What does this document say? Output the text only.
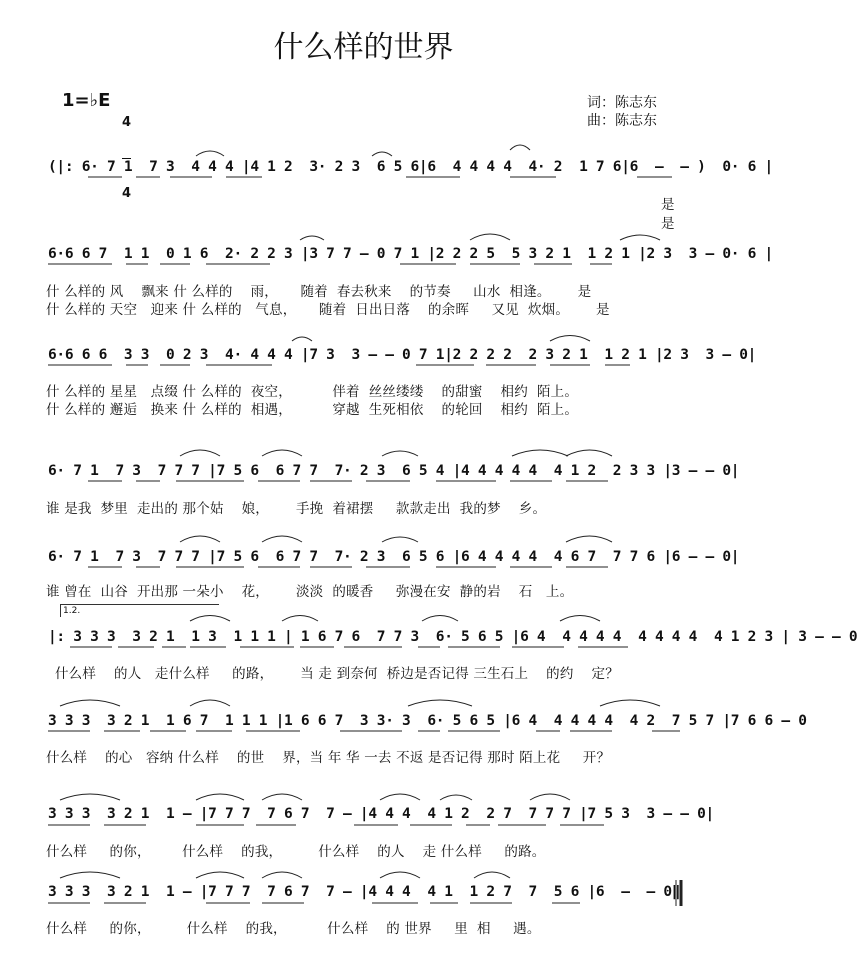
什么样的世界
1=♭E

4

4

词：陈志东
曲：陈志东
(|: 6· 7 1  7 3  4 4 4 |4 1 2  3· 2 3  6 5 6|6  4 4 4 4  4· 2  1 7 6|6  –  – )  0· 6 |
是
是
6·6 6 7  1 1  0 1 6  2· 2 2 3 |3 7 7 – 0 7 1 |2 2 2 5  5 3 2 1  1 2 1 |2 3  3 – 0· 6 |
什 么样的 风    飘来 什 么样的    雨，     随着  春去秋来    的节奏     山水  相逢。      是
什 么样的 天空   迎来 什 么样的   气息，     随着  日出日落    的余晖     又见  炊烟。      是
6·6 6 6  3 3  0 2 3  4· 4 4 4 |7 3  3 – – 0 7 1|2 2 2 2  2 3 2 1  1 2 1 |2 3  3 – 0|
什 么样的 星星   点缀 什 么样的  夜空，         伴着  丝丝缕缕    的甜蜜    相约  陌上。
什 么样的 邂逅   换来 什 么样的  相遇，         穿越  生死相依    的轮回    相约  陌上。
6· 7 1  7 3  7 7 7 |7 5 6  6 7 7  7· 2 3  6 5 4 |4 4 4 4 4  4 1 2  2 3 3 |3 – – 0|
谁 是我  梦里  走出的 那个姑    娘，      手挽  着裙摆     款款走出  我的梦    乡。
6· 7 1  7 3  7 7 7 |7 5 6  6 7 7  7· 2 3  6 5 6 |6 4 4 4 4  4 6 7  7 7 6 |6 – – 0|
谁 曾在  山谷  开出那 一朵小    花，      淡淡  的暖香     弥漫在安  静的岩    石   上。
1.2.
|: 3 3 3  3 2 1  1 3  1 1 1 | 1 6 7 6  7 7 3  6· 5 6 5 |6 4  4 4 4 4  4 4 4 4  4 1 2 3 | 3 – – 0
什么样    的人   走什么样     的路，      当 走 到奈何  桥边是否记得 三生石上    的约    定？
3 3 3  3 2 1  1 6 7  1 1 1 |1 6 6 7  3 3· 3  6· 5 6 5 |6 4  4 4 4 4  4 2  7 5 7 |7 6 6 – 0
什么样    的心   容纳 什么样    的世    界，当 年 华 一去 不返 是否记得 那时 陌上花     开？
3 3 3  3 2 1  1 – |7 7 7  7 6 7  7 – |4 4 4  4 1 2  2 7  7 7 7 |7 5 3  3 – – 0|
什么样     的你，       什么样    的我，        什么样    的人    走 什么样     的路。
3 3 3  3 2 1  1 – |7 7 7  7 6 7  7 – |4 4 4  4 1  1 2 7  7  5 6 |6  –  – 0‖
什么样     的你，        什么样    的我，         什么样    的 世界     里  相     遇。
